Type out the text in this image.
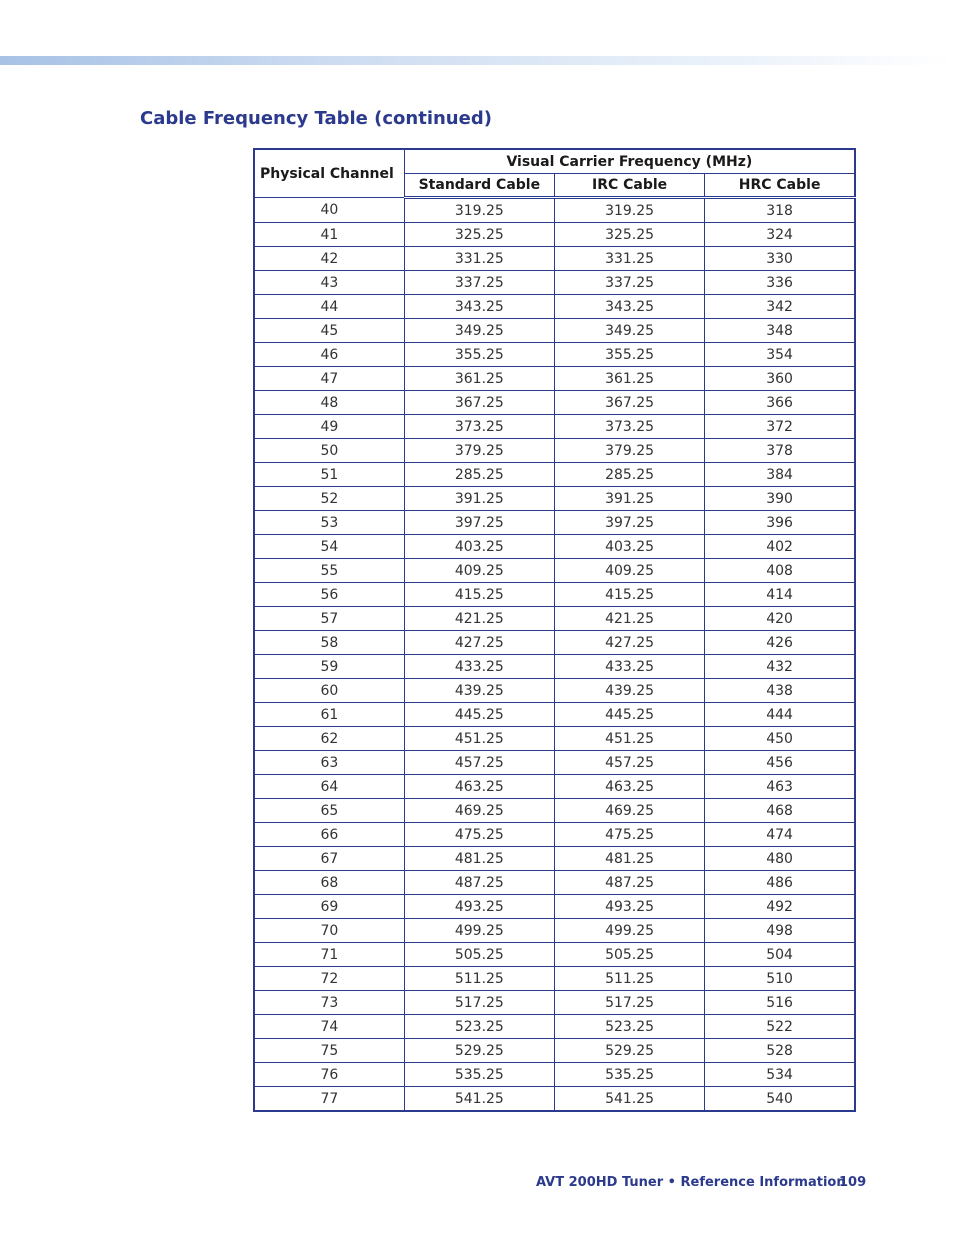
Cable Frequency Table (continued)
Physical Channel	Visual Carrier Frequency (MHz)		
	Standard Cable	IRC Cable	HRC Cable
40	319.25	319.25	318
41	325.25	325.25	324
42	331.25	331.25	330
43	337.25	337.25	336
44	343.25	343.25	342
45	349.25	349.25	348
46	355.25	355.25	354
47	361.25	361.25	360
48	367.25	367.25	366
49	373.25	373.25	372
50	379.25	379.25	378
51	285.25	285.25	384
52	391.25	391.25	390
53	397.25	397.25	396
54	403.25	403.25	402
55	409.25	409.25	408
56	415.25	415.25	414
57	421.25	421.25	420
58	427.25	427.25	426
59	433.25	433.25	432
60	439.25	439.25	438
61	445.25	445.25	444
62	451.25	451.25	450
63	457.25	457.25	456
64	463.25	463.25	463
65	469.25	469.25	468
66	475.25	475.25	474
67	481.25	481.25	480
68	487.25	487.25	486
69	493.25	493.25	492
70	499.25	499.25	498
71	505.25	505.25	504
72	511.25	511.25	510
73	517.25	517.25	516
74	523.25	523.25	522
75	529.25	529.25	528
76	535.25	535.25	534
77	541.25	541.25	540
AVT 200HD Tuner • Reference Information
109
